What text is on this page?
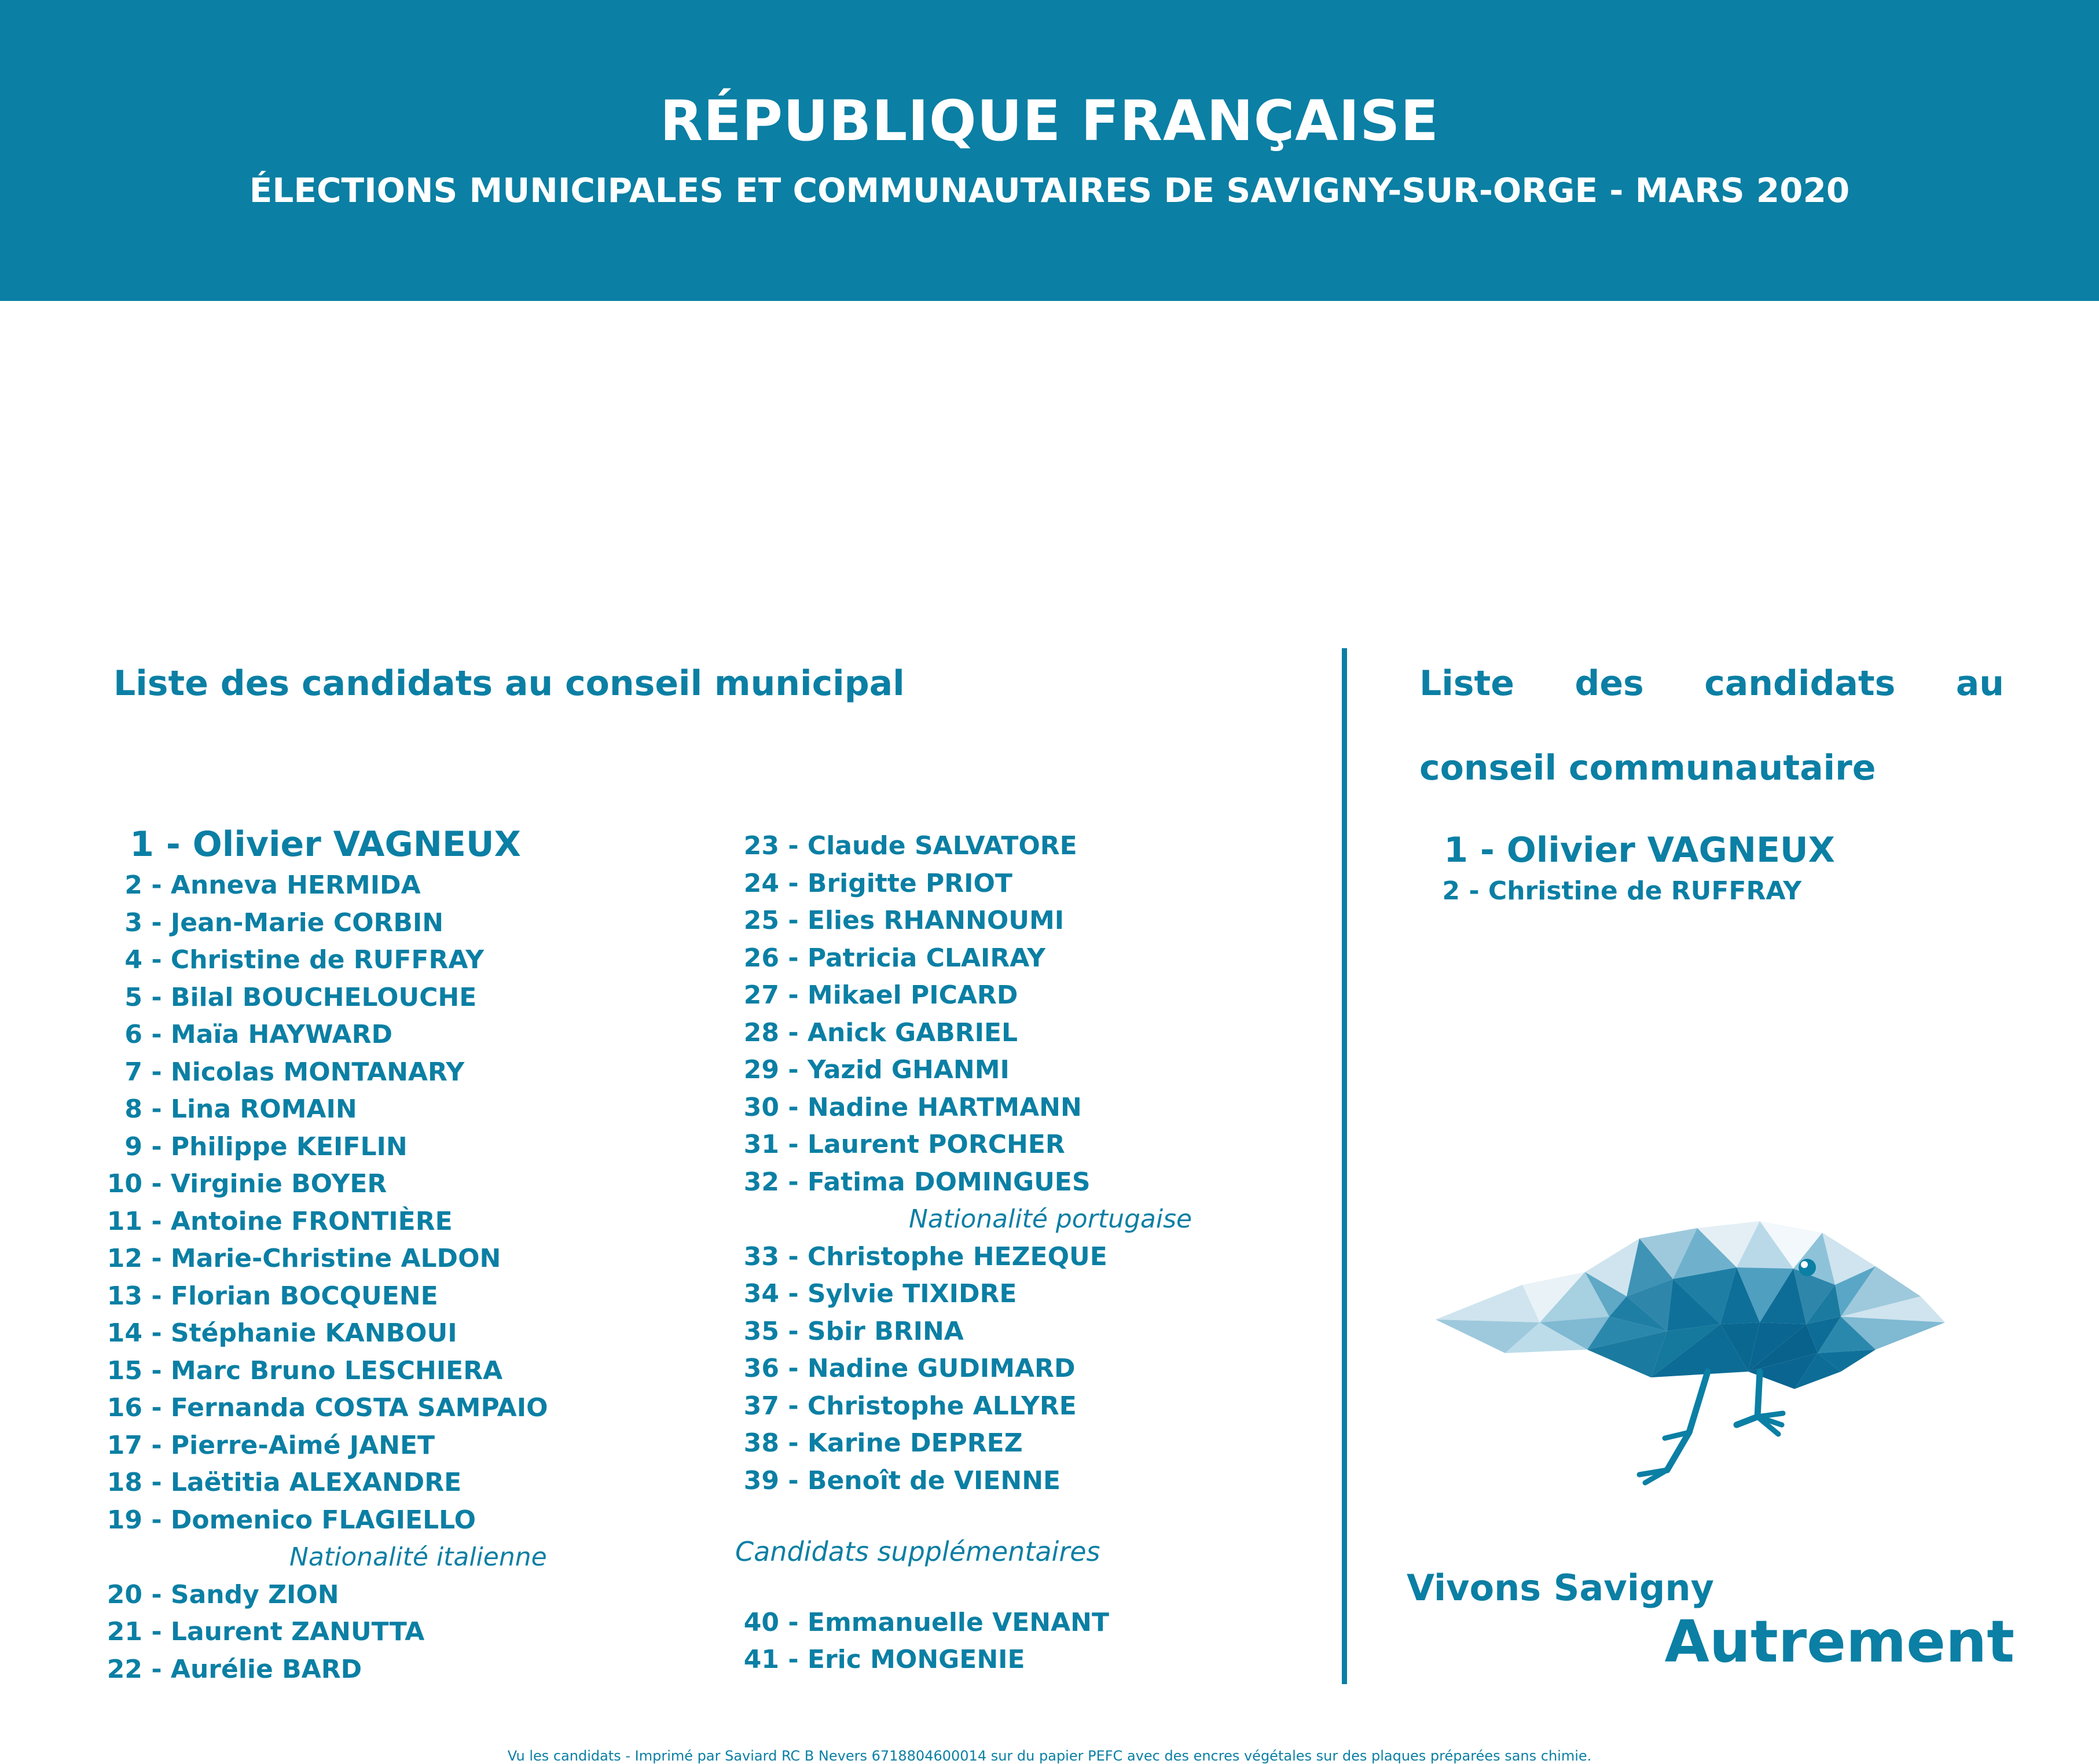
RÉPUBLIQUE FRANÇAISE
ÉLECTIONS MUNICIPALES ET COMMUNAUTAIRES DE SAVIGNY-SUR-ORGE - MARS 2020
Liste des candidats au conseil municipal	Liste des candidats au
conseil communautaire
1 - Olivier VAGNEUX
2 - Anneva HERMIDA
3 - Jean-Marie CORBIN
4 - Christine de RUFFRAY
5 - Bilal BOUCHELOUCHE
6 - Maïa HAYWARD
7 - Nicolas MONTANARY
8 - Lina ROMAIN
9 - Philippe KEIFLIN
10 - Virginie BOYER
11 - Antoine FRONTIÈRE
12 - Marie-Christine ALDON
13 - Florian BOCQUENE
14 - Stéphanie KANBOUI
15 - Marc Bruno LESCHIERA
16 - Fernanda COSTA SAMPAIO
17 - Pierre-Aimé JANET
18 - Laëtitia ALEXANDRE
19 - Domenico FLAGIELLO
Nationalité italienne
20 - Sandy ZION
21 - Laurent ZANUTTA
22 - Aurélie BARD
23 - Claude SALVATORE
24 - Brigitte PRIOT
25 - Elies RHANNOUMI
26 - Patricia CLAIRAY
27 - Mikael PICARD
28 - Anick GABRIEL
29 - Yazid GHANMI
30 - Nadine HARTMANN
31 - Laurent PORCHER
32 - Fatima DOMINGUES
Nationalité portugaise
33 - Christophe HEZEQUE
34 - Sylvie TIXIDRE
35 - Sbir BRINA
36 - Nadine GUDIMARD
37 - Christophe ALLYRE
38 - Karine DEPREZ
39 - Benoît de VIENNE
Candidats supplémentaires
40 - Emmanuelle VENANT
41 - Eric MONGENIE
1 - Olivier VAGNEUX
2 - Christine de RUFFRAY
Vivons Savigny
Autrement
Vu les candidats - Imprimé par Saviard RC B Nevers 6718804600014 sur du papier PEFC avec des encres végétales sur des plaques préparées sans chimie.
